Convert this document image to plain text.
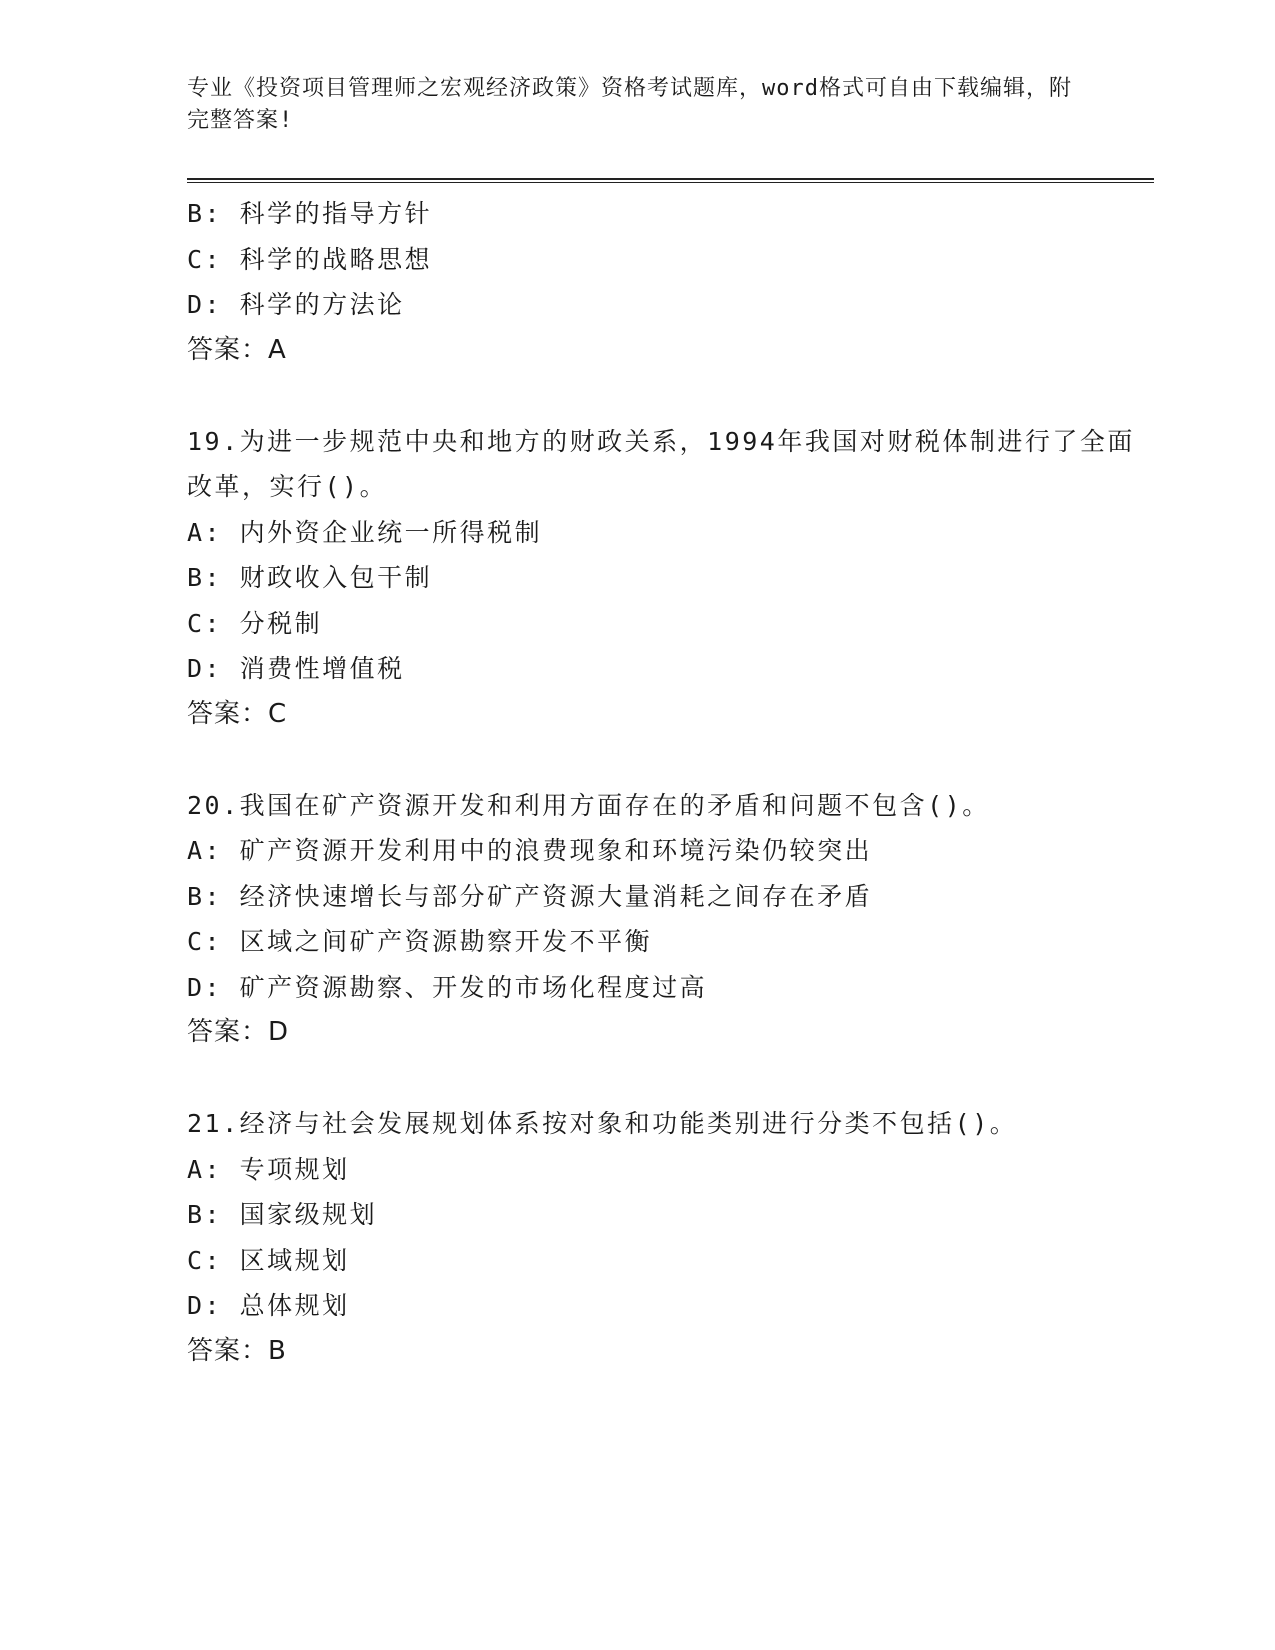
专业《投资项目管理师之宏观经济政策》资格考试题库，word格式可自由下载编辑，附完整答案!
B: 科学的指导方针
C: 科学的战略思想
D: 科学的方法论
答案：A
19.为进一步规范中央和地方的财政关系，1994年我国对财税体制进行了全面改革，实行()。
A: 内外资企业统一所得税制
B: 财政收入包干制
C: 分税制
D: 消费性增值税
答案：C
20.我国在矿产资源开发和利用方面存在的矛盾和问题不包含()。
A: 矿产资源开发利用中的浪费现象和环境污染仍较突出
B: 经济快速增长与部分矿产资源大量消耗之间存在矛盾
C: 区域之间矿产资源勘察开发不平衡
D: 矿产资源勘察、开发的市场化程度过高
答案：D
21.经济与社会发展规划体系按对象和功能类别进行分类不包括()。
A: 专项规划
B: 国家级规划
C: 区域规划
D: 总体规划
答案：B
